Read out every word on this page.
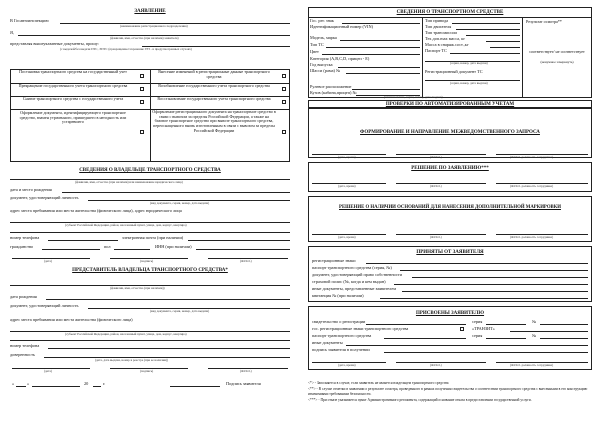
ЗАЯВЛЕНИЕ
В Госавтоинспекцию
(наименование регистрационного подразделения)
Я,
(фамилия, имя, отчество (при наличии) заявителя)
представляя вышеуказанные документы, прошу:
(с выдачей/без выдачи ПТС, ЭПТС (прекращение/сохранение ГРЗ - в предусмотренных случаях)
Постановка транспортного средства на государственный учет	Внесение изменений в регистрационные данные транспортного средства
Прекращение государственного учета транспортного средства	Возобновление государственного учета транспортного средства
Снятие транспортного средства с государственного учета	Восстановление государственного учета транспортного средства
Оформление документа, идентифицирующего транспортное средство, взамен утраченного, пришедшего в негодность или устаревшего
Оформление регистрационного документа на транспортное средство в связи с вывозом за пределы Российской Федерации, а также на базовое транспортное средство при вывозе транспортного средства, переоснащенного вновь изготовленным в связи с вывозом за пределы Российской Федерации
СВЕДЕНИЯ О ВЛАДЕЛЬЦЕ ТРАНСПОРТНОГО СРЕДСТВА
(фамилия, имя, отчество (при наличии) или наименование юридического лица)
дата и место рождения
документ, удостоверяющий личность
(вид документа, серия, номер, дата выдачи)
адрес места пребывания или места жительства (физического лица), адрес юридического лица
(субъект Российской Федерации, район, населенный пункт, улица, дом, корпус, квартира)
номер телефона	электронная почта (при наличии)
гражданство	пол	ИНН (при наличии)
(дата)	(подпись)	(Ф.И.О.)
ПРЕДСТАВИТЕЛЬ ВЛАДЕЛЬЦА ТРАНСПОРТНОГО СРЕДСТВА*
(фамилия, имя, отчество (при наличии))
дата рождения
документ, удостоверяющий личность
(вид документа, серия, номер, дата выдачи)
адрес места пребывания или места жительства (физического лица)
(субъект Российской Федерации, район, населенный пункт, улица, дом, корпус, квартира)
номер телефона
доверенность
(дата, дата выдачи, номер в реестре (при ее наличии))
(дата)	(подпись)	(Ф.И.О.)
«	»	20	г.	Подпись заявителя
СВЕДЕНИЯ О ТРАНСПОРТНОМ СРЕДСТВЕ
Гос. рег. знак
Идентификационный номер (VIN)
Модель, марка
Тип ТС
Цвет
Категория (А,В,С,D, прицеп - Е)
Год выпуска
Шасси (рама) №
Рулевое расположение
Кузов (кабина,прицеп) №
Тип привода
Тип двигателя
Тип трансмиссии
Тех.доп.max масса, кг
Масса в снаряж.сост.,кг
Паспорт ТС
(серия, номер, дата выдачи)
Регистрационный документ ТС
(серия, номер, дата выдачи)
(наименование, серия, номер, дата выдачи)
Результат осмотра**
соответствует/ не соответствует
(ненужное зачеркнуть)
ПРОВЕРКИ ПО АВТОМАТИЗИРОВАННЫМ УЧЕТАМ
ФОРМИРОВАНИЕ И НАПРАВЛЕНИЕ МЕЖВЕДОМСТВЕННОГО ЗАПРОСА
(дата, время)	(Ф.И.О.)	(Ф.И.О. должность сотрудника)
РЕШЕНИЕ ПО ЗАЯВЛЕНИЮ***
(дата, время)	(Ф.И.О.)	(Ф.И.О. должность сотрудника)
РЕШЕНИЕ О НАЛИЧИИ ОСНОВАНИЙ ДЛЯ НАНЕСЕНИЯ ДОПОЛНИТЕЛЬНОЙ МАРКИРОВКИ
(дата, время)	(Ф.И.О.)	(Ф.И.О. должность сотрудника)
ПРИНЯТЫ ОТ ЗАЯВИТЕЛЯ
регистрационные знаки
паспорт транспортного средства (серия, №)
документ, удостоверяющий право собственности
страховой полис (№, когда и кем выдан)
иные документы, представленные заявителем
квитанция № (при наличии)
ПРИСВОЕНЫ ЗАЯВИТЕЛЮ
свидетельство о регистрации	серия	№
гос. регистрационные знаки транспортного средства	«ТРАНЗИТ»
паспорт транспортного средства	серия	№
иные документы
подпись заявителя в получении
(дата, время)	(Ф.И.О.)	(Ф.И.О. должность сотрудника)
<*> - Заполняется в случае, если заявитель не является владельцем транспортного средства
<**> - В случае отметки в заявлении о результате осмотра, проведенного в рамках получения свидетельства о соответствии транспортного средства с внесенными в его конструкцию изменениями требованиям безопасности.
<***> - При отказе указывается пункт Административного регламента, содержащий основание отказа в предоставлении государственной услуги.
